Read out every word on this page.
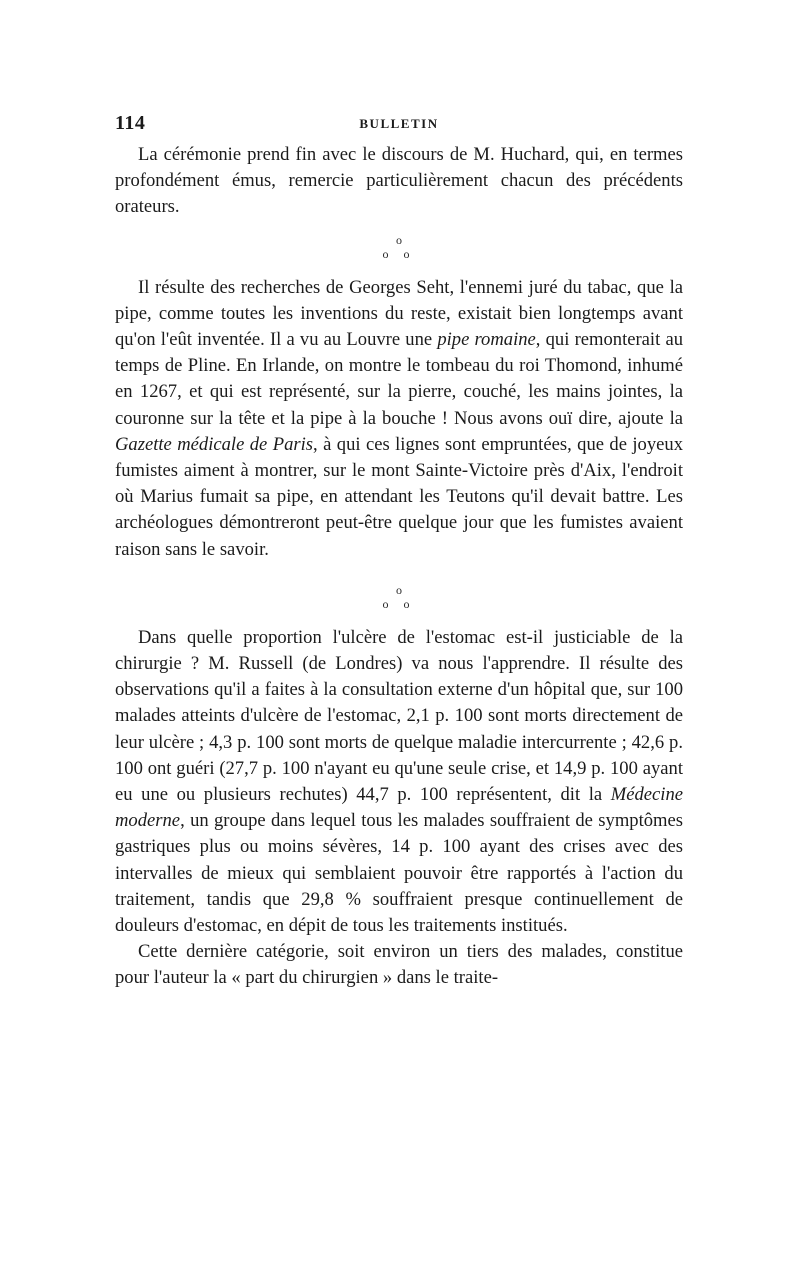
114	BULLETIN

La cérémonie prend fin avec le discours de M. Huchard, qui, en termes profondément émus, remercie particulièrement chacun des précédents orateurs.

o
o o

Il résulte des recherches de Georges Seht, l'ennemi juré du tabac, que la pipe, comme toutes les inventions du reste, existait bien longtemps avant qu'on l'eût inventée. Il a vu au Louvre une pipe romaine, qui remonterait au temps de Pline. En Irlande, on montre le tombeau du roi Thomond, inhumé en 1267, et qui est représenté, sur la pierre, couché, les mains jointes, la couronne sur la tête et la pipe à la bouche ! Nous avons ouï dire, ajoute la Gazette médicale de Paris, à qui ces lignes sont empruntées, que de joyeux fumistes aiment à montrer, sur le mont Sainte-Victoire près d'Aix, l'endroit où Marius fumait sa pipe, en attendant les Teutons qu'il devait battre. Les archéologues démontreront peut-être quelque jour que les fumistes avaient raison sans le savoir.

o
o o

Dans quelle proportion l'ulcère de l'estomac est-il justiciable de la chirurgie ? M. Russell (de Londres) va nous l'apprendre. Il résulte des observations qu'il a faites à la consultation externe d'un hôpital que, sur 100 malades atteints d'ulcère de l'estomac, 2,1 p. 100 sont morts directement de leur ulcère ; 4,3 p. 100 sont morts de quelque maladie intercurrente ; 42,6 p. 100 ont guéri (27,7 p. 100 n'ayant eu qu'une seule crise, et 14,9 p. 100 ayant eu une ou plusieurs rechutes) 44,7 p. 100 représentent, dit la Médecine moderne, un groupe dans lequel tous les malades souffraient de symptômes gastriques plus ou moins sévères, 14 p. 100 ayant des crises avec des intervalles de mieux qui semblaient pouvoir être rapportés à l'action du traitement, tandis que 29,8 % souffraient presque continuellement de douleurs d'estomac, en dépit de tous les traitements institués.

Cette dernière catégorie, soit environ un tiers des malades, constitue pour l'auteur la « part du chirurgien » dans le traite-
